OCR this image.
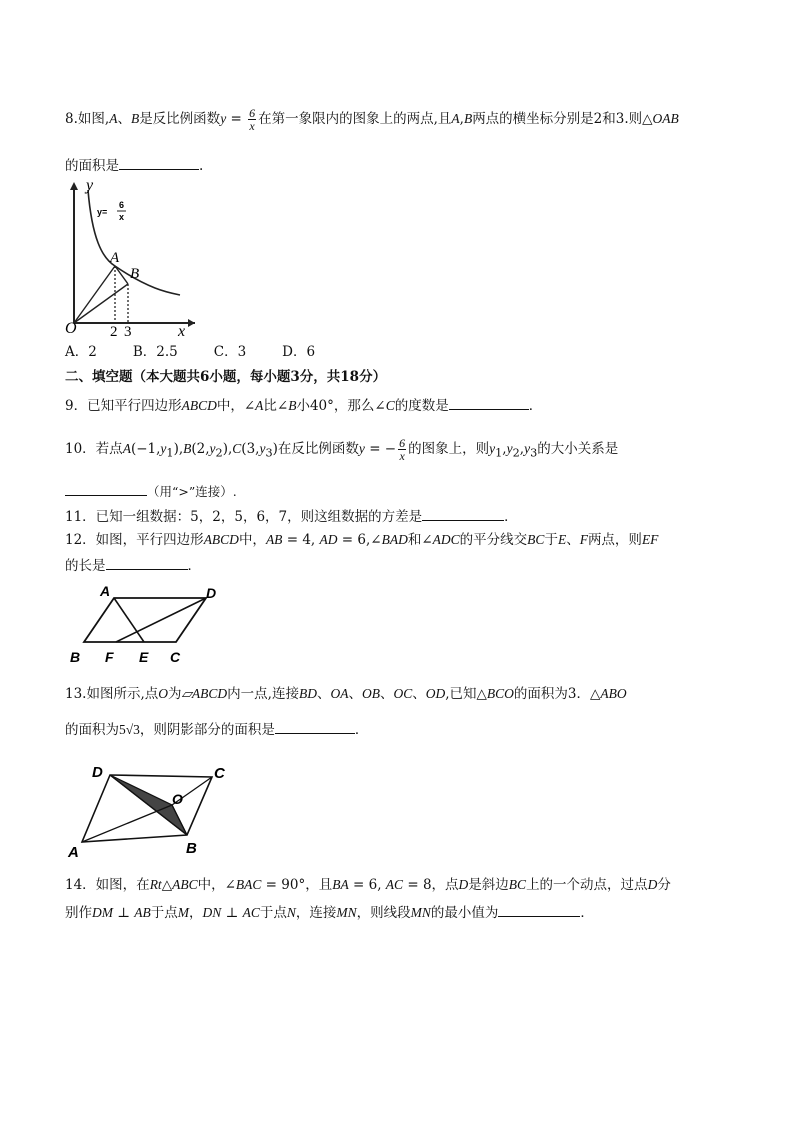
8.如图,A、B是反比例函数$y = \frac{6}{x}$ 在第一象限内的图象上的两点,且A,B两点的横坐标分别是2和3.则△OAB
的面积是	.
y
x
O
A
B
2 3
y=
6
x
A．2	B．2.5	C．3	D．6
二、填空题（本大题共6小题，每小题3分，共18分）
9．已知平行四边形ABCD中，∠A比∠B小40°，那么∠C的度数是	．
10．若点$A(-1,y_1),B(2,y_2),C(3,y_3)$在反比例函数y = − $\frac{6}{x}$ 的图象上，则$y_1,y_2,y_3$的大小关系是
（用“>”连接）.
11．已知一组数据：5，2，5，6，7，则这组数据的方差是	．
12．如图，平行四边形ABCD中，AB = 4, AD = 6,∠BAD和∠ADC的平分线交BC于E、F两点，则EF
的长是	．
A	D
B F E C
13.如图所示,点O为▱ABCD内一点,连接BD、OA、OB、OC、OD,已知△BCO的面积为3．△ABO
的面积为5√3，则阴影部分的面积是	．
D	C
O
A	B
14．如图，在Rt△ABC中，∠BAC = 90°，且BA = 6, AC = 8，点D是斜边BC上的一个动点，过点D分
别作DM ⊥ AB于点M，DN ⊥ AC于点N，连接MN，则线段MN的最小值为	．
